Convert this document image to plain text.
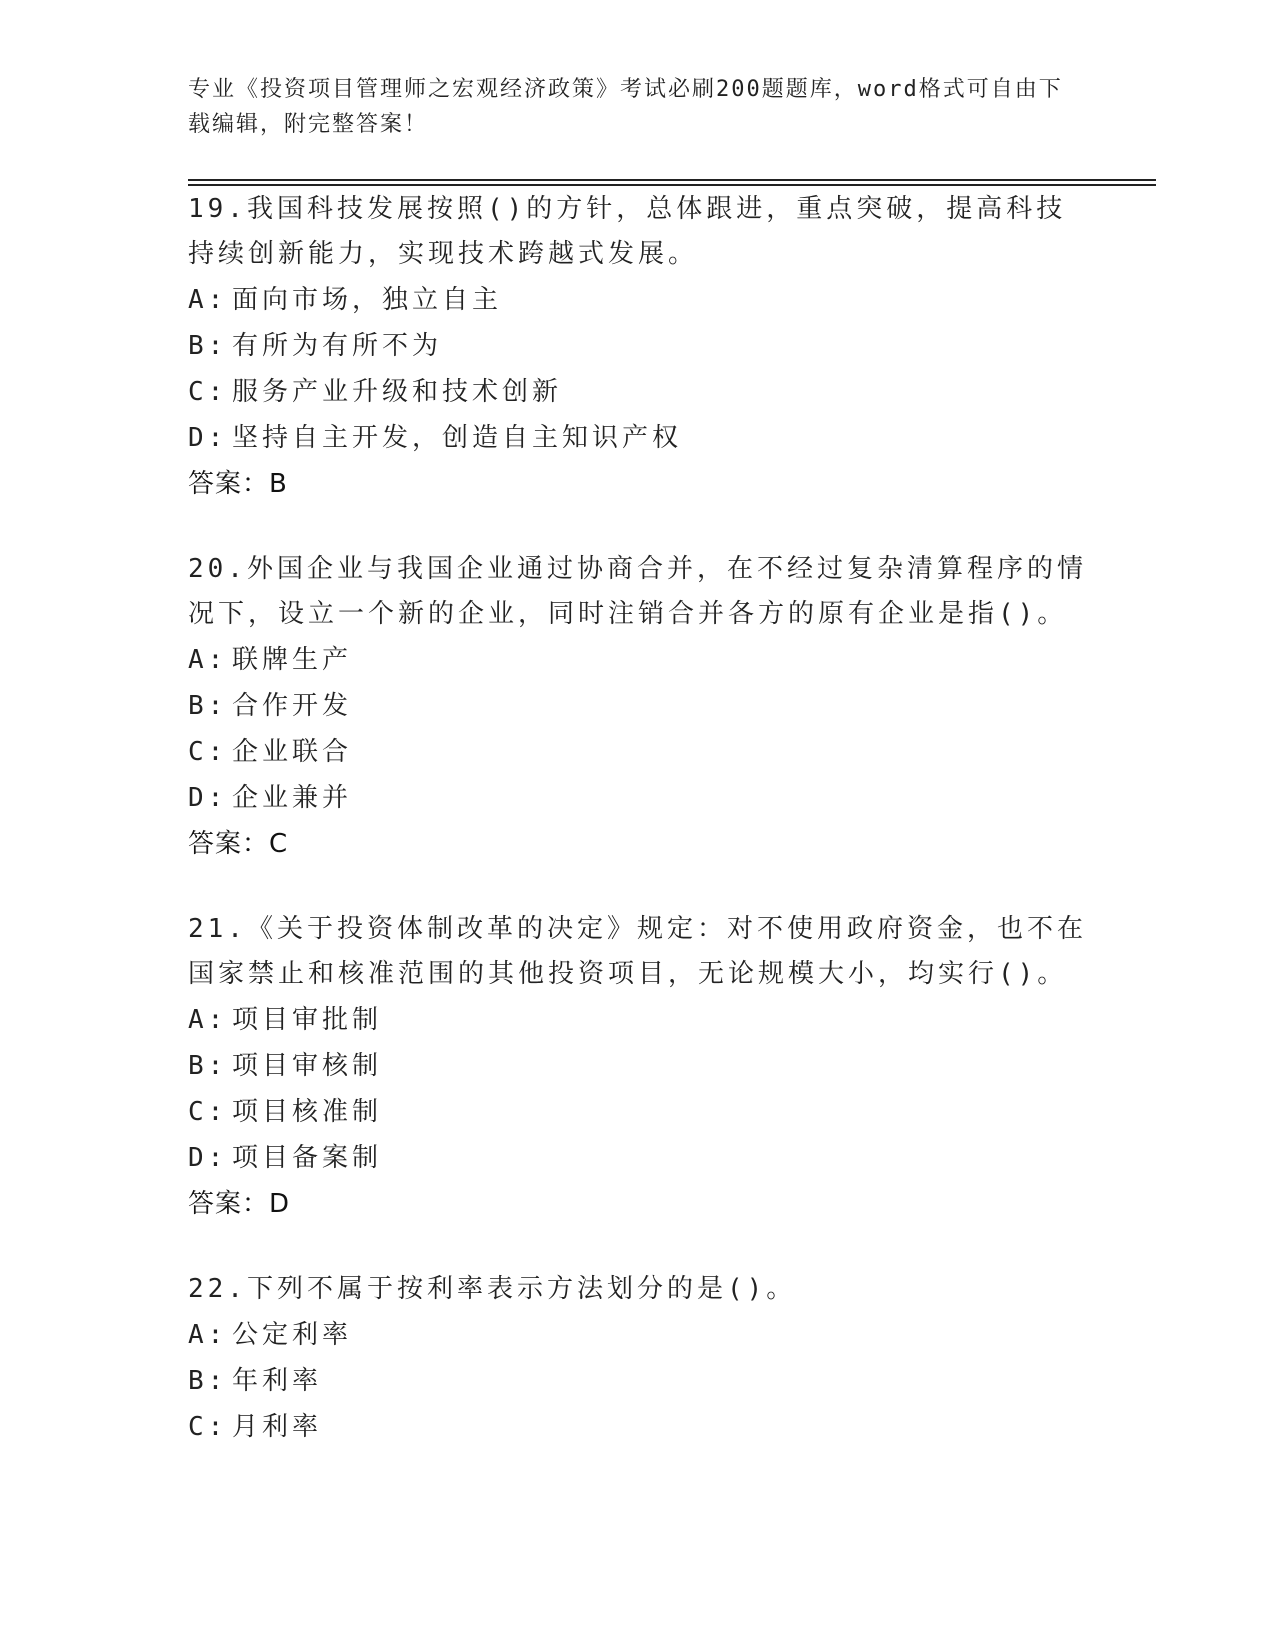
专业《投资项目管理师之宏观经济政策》考试必刷200题题库，word格式可自由下载编辑，附完整答案！

19.我国科技发展按照()的方针，总体跟进，重点突破，提高科技持续创新能力，实现技术跨越式发展。

A: 面向市场，独立自主
B: 有所为有所不为
C: 服务产业升级和技术创新
D: 坚持自主开发，创造自主知识产权
答案：B

20.外国企业与我国企业通过协商合并，在不经过复杂清算程序的情况下，设立一个新的企业，同时注销合并各方的原有企业是指()。

A: 联牌生产
B: 合作开发
C: 企业联合
D: 企业兼并
答案：C

21.《关于投资体制改革的决定》规定：对不使用政府资金，也不在国家禁止和核准范围的其他投资项目，无论规模大小，均实行()。

A: 项目审批制
B: 项目审核制
C: 项目核准制
D: 项目备案制
答案：D

22.下列不属于按利率表示方法划分的是()。

A: 公定利率
B: 年利率
C: 月利率
